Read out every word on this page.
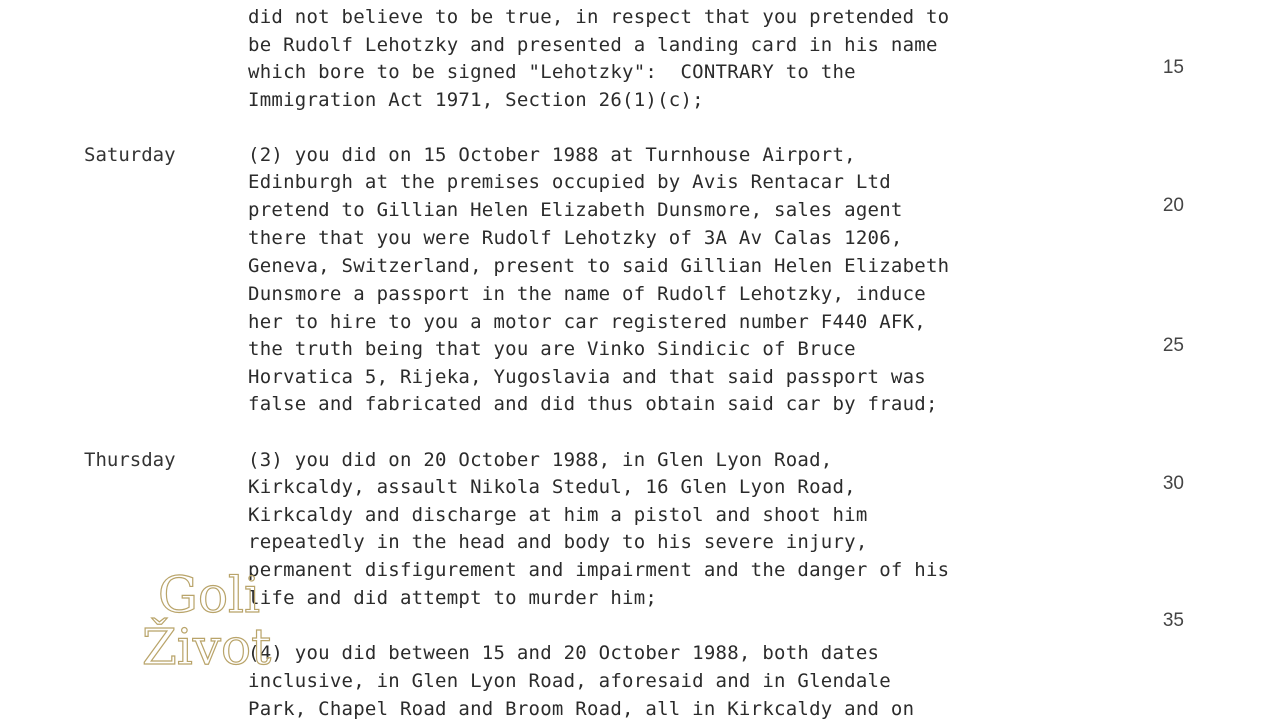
did not believe to be true, in respect that you pretended to
be Rudolf Lehotzky and presented a landing card in his name
which bore to be signed "Lehotzky":  CONTRARY to the
Immigration Act 1971, Section 26(1)(c);
Saturday	(2) you did on 15 October 1988 at Turnhouse Airport,
Edinburgh at the premises occupied by Avis Rentacar Ltd
pretend to Gillian Helen Elizabeth Dunsmore, sales agent
there that you were Rudolf Lehotzky of 3A Av Calas 1206,
Geneva, Switzerland, present to said Gillian Helen Elizabeth
Dunsmore a passport in the name of Rudolf Lehotzky, induce
her to hire to you a motor car registered number F440 AFK,
the truth being that you are Vinko Sindicic of Bruce
Horvatica 5, Rijeka, Yugoslavia and that said passport was
false and fabricated and did thus obtain said car by fraud;
Thursday	(3) you did on 20 October 1988, in Glen Lyon Road,
Kirkcaldy, assault Nikola Stedul, 16 Glen Lyon Road,
Kirkcaldy and discharge at him a pistol and shoot him
repeatedly in the head and body to his severe injury,
permanent disfigurement and impairment and the danger of his
life and did attempt to murder him;
(4) you did between 15 and 20 October 1988, both dates
inclusive, in Glen Lyon Road, aforesaid and in Glendale
Park, Chapel Road and Broom Road, all in Kirkcaldy and on
15
20
25
30
35
Goli
Život
